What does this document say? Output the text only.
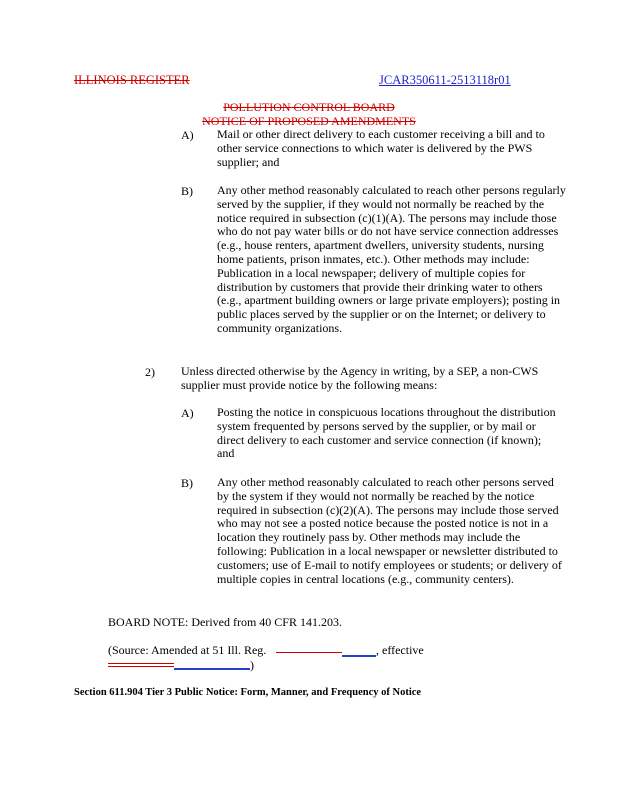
ILLINOIS REGISTER	JCAR350611-2513118r01
POLLUTION CONTROL BOARD
NOTICE OF PROPOSED AMENDMENTS
A) Mail or other direct delivery to each customer receiving a bill and to other service connections to which water is delivered by the PWS supplier; and
B) Any other method reasonably calculated to reach other persons regularly served by the supplier, if they would not normally be reached by the notice required in subsection (c)(1)(A). The persons may include those who do not pay water bills or do not have service connection addresses (e.g., house renters, apartment dwellers, university students, nursing home patients, prison inmates, etc.). Other methods may include: Publication in a local newspaper; delivery of multiple copies for distribution by customers that provide their drinking water to others (e.g., apartment building owners or large private employers); posting in public places served by the supplier or on the Internet; or delivery to community organizations.
2) Unless directed otherwise by the Agency in writing, by a SEP, a non-CWS supplier must provide notice by the following means:
A) Posting the notice in conspicuous locations throughout the distribution system frequented by persons served by the supplier, or by mail or direct delivery to each customer and service connection (if known); and
B) Any other method reasonably calculated to reach other persons served by the system if they would not normally be reached by the notice required in subsection (c)(2)(A). The persons may include those served who may not see a posted notice because the posted notice is not in a location they routinely pass by. Other methods may include the following: Publication in a local newspaper or newsletter distributed to customers; use of E-mail to notify employees or students; or delivery of multiple copies in central locations (e.g., community centers).
BOARD NOTE: Derived from 40 CFR 141.203.
(Source: Amended at 51 Ill. Reg.	, effective
)
Section 611.904 Tier 3 Public Notice: Form, Manner, and Frequency of Notice
